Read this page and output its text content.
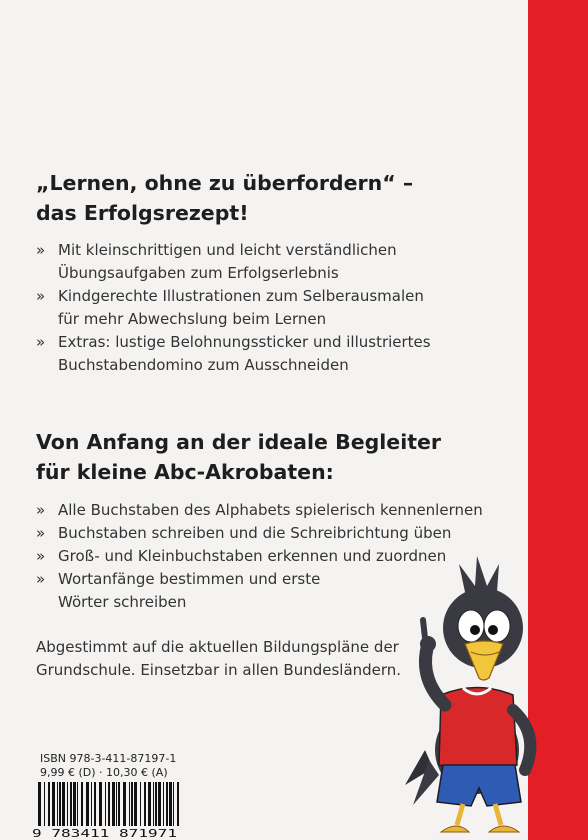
„Lernen, ohne zu überfordern“ –
das Erfolgsrezept!
» Mit kleinschrittigen und leicht verständlichen
Übungsaufgaben zum Erfolgserlebnis
» Kindgerechte Illustrationen zum Selberausmalen
für mehr Abwechslung beim Lernen
» Extras: lustige Belohnungssticker und illustriertes
Buchstabendomino zum Ausschneiden
Von Anfang an der ideale Begleiter
für kleine Abc-Akrobaten:
» Alle Buchstaben des Alphabets spielerisch kennenlernen
» Buchstaben schreiben und die Schreibrichtung üben
» Groß- und Kleinbuchstaben erkennen und zuordnen
» Wortanfänge bestimmen und erste
Wörter schreiben
Abgestimmt auf die aktuellen Bildungspläne der Grundschule. Einsetzbar in allen Bundesländern.
ISBN 978-3-411-87197-1
9,99 € (D) · 10,30 € (A)
9 783411 871971
